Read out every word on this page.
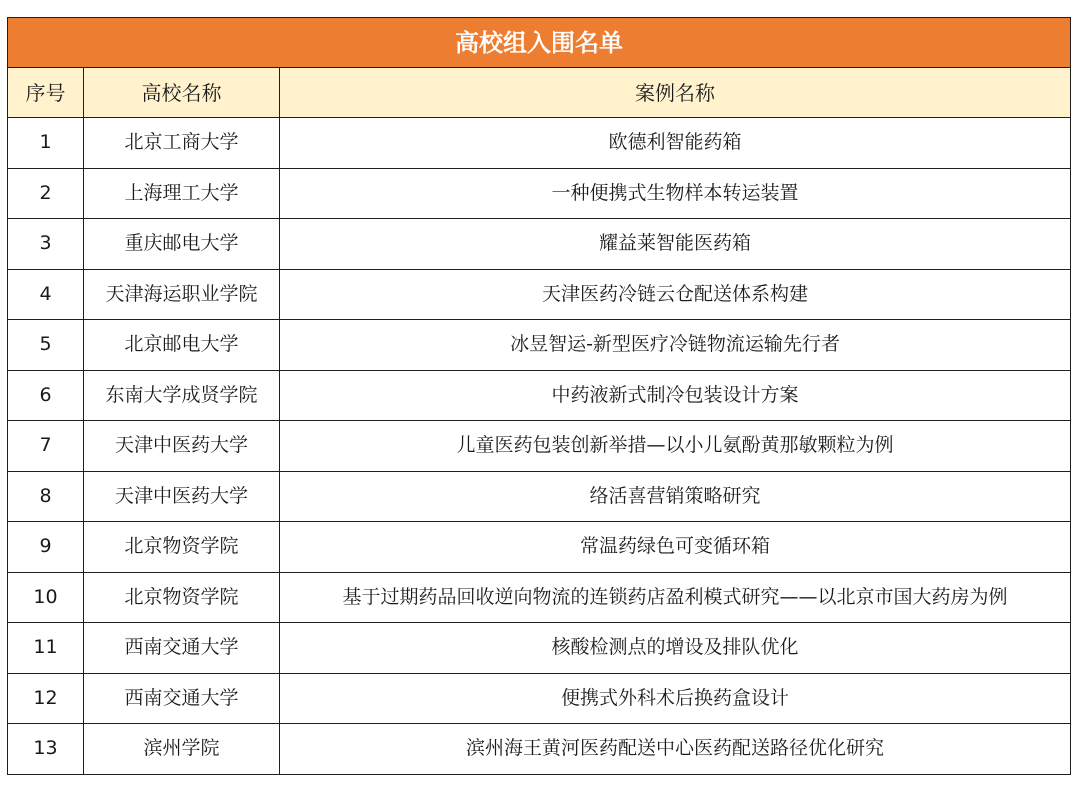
高校组入围名单		
序号	高校名称	案例名称
1	北京工商大学	欧德利智能药箱
2	上海理工大学	一种便携式生物样本转运装置
3	重庆邮电大学	耀益莱智能医药箱
4	天津海运职业学院	天津医药冷链云仓配送体系构建
5	北京邮电大学	冰昱智运-新型医疗冷链物流运输先行者
6	东南大学成贤学院	中药液新式制冷包装设计方案
7	天津中医药大学	儿童医药包装创新举措—以小儿氨酚黄那敏颗粒为例
8	天津中医药大学	络活喜营销策略研究
9	北京物资学院	常温药绿色可变循环箱
10	北京物资学院	基于过期药品回收逆向物流的连锁药店盈利模式研究——以北京市国大药房为例
11	西南交通大学	核酸检测点的增设及排队优化
12	西南交通大学	便携式外科术后换药盒设计
13	滨州学院	滨州海王黄河医药配送中心医药配送路径优化研究
